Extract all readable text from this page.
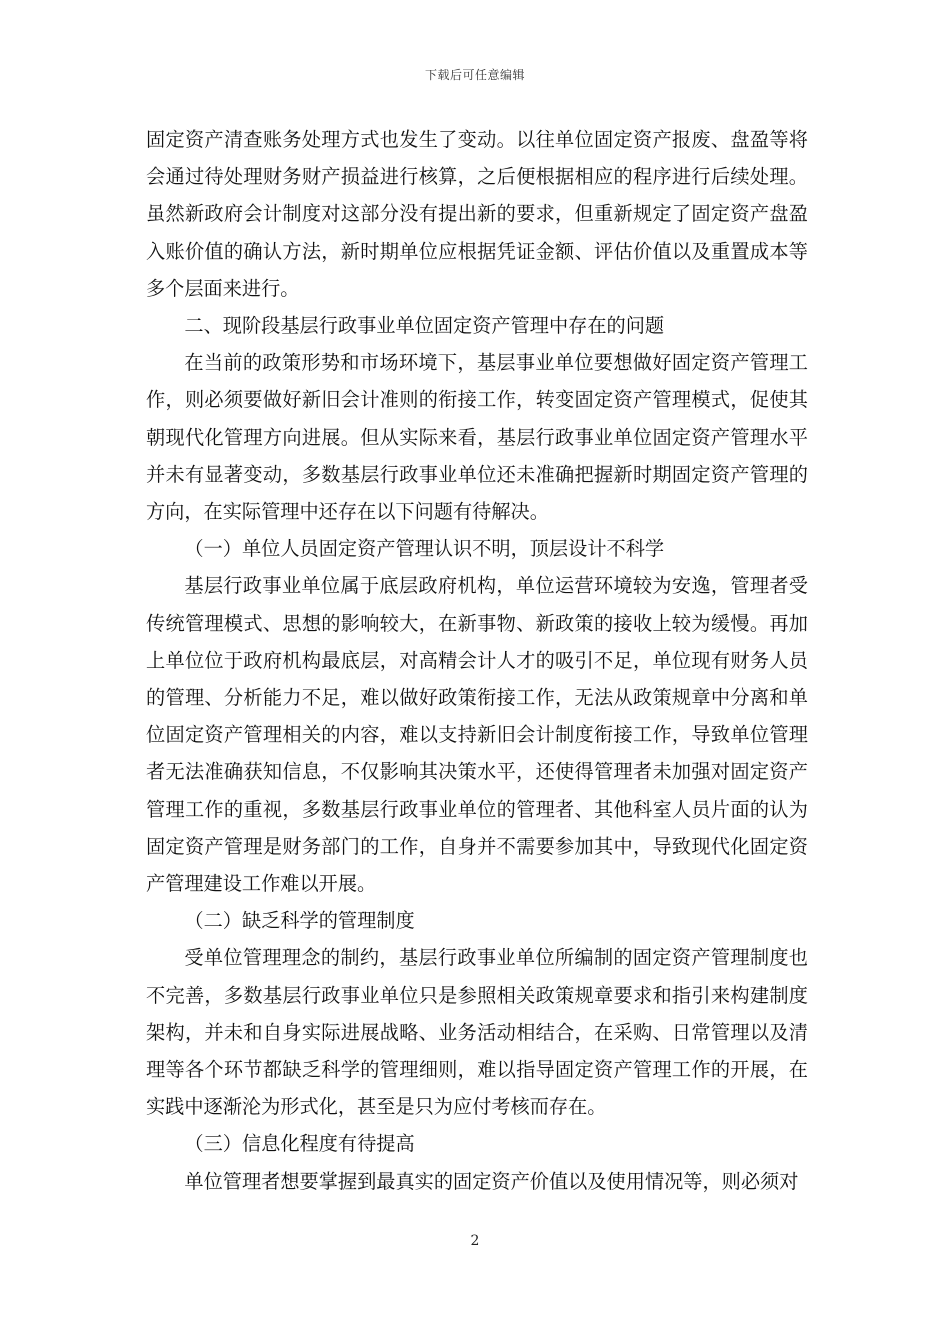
下载后可任意编辑

固定资产清查账务处理方式也发生了变动。以往单位固定资产报废、盘盈等将会通过待处理财务财产损益进行核算，之后便根据相应的程序进行后续处理。虽然新政府会计制度对这部分没有提出新的要求，但重新规定了固定资产盘盈入账价值的确认方法，新时期单位应根据凭证金额、评估价值以及重置成本等多个层面来进行。

二、现阶段基层行政事业单位固定资产管理中存在的问题

在当前的政策形势和市场环境下，基层事业单位要想做好固定资产管理工作，则必须要做好新旧会计准则的衔接工作，转变固定资产管理模式，促使其朝现代化管理方向进展。但从实际来看，基层行政事业单位固定资产管理水平并未有显著变动，多数基层行政事业单位还未准确把握新时期固定资产管理的方向，在实际管理中还存在以下问题有待解决。

（一）单位人员固定资产管理认识不明，顶层设计不科学

基层行政事业单位属于底层政府机构，单位运营环境较为安逸，管理者受传统管理模式、思想的影响较大，在新事物、新政策的接收上较为缓慢。再加上单位位于政府机构最底层，对高精会计人才的吸引不足，单位现有财务人员的管理、分析能力不足，难以做好政策衔接工作，无法从政策规章中分离和单位固定资产管理相关的内容，难以支持新旧会计制度衔接工作，导致单位管理者无法准确获知信息，不仅影响其决策水平，还使得管理者未加强对固定资产管理工作的重视，多数基层行政事业单位的管理者、其他科室人员片面的认为固定资产管理是财务部门的工作，自身并不需要参加其中，导致现代化固定资产管理建设工作难以开展。

（二）缺乏科学的管理制度

受单位管理理念的制约，基层行政事业单位所编制的固定资产管理制度也不完善，多数基层行政事业单位只是参照相关政策规章要求和指引来构建制度架构，并未和自身实际进展战略、业务活动相结合，在采购、日常管理以及清理等各个环节都缺乏科学的管理细则，难以指导固定资产管理工作的开展，在实践中逐渐沦为形式化，甚至是只为应付考核而存在。

（三）信息化程度有待提高

单位管理者想要掌握到最真实的固定资产价值以及使用情况等，则必须对

2
